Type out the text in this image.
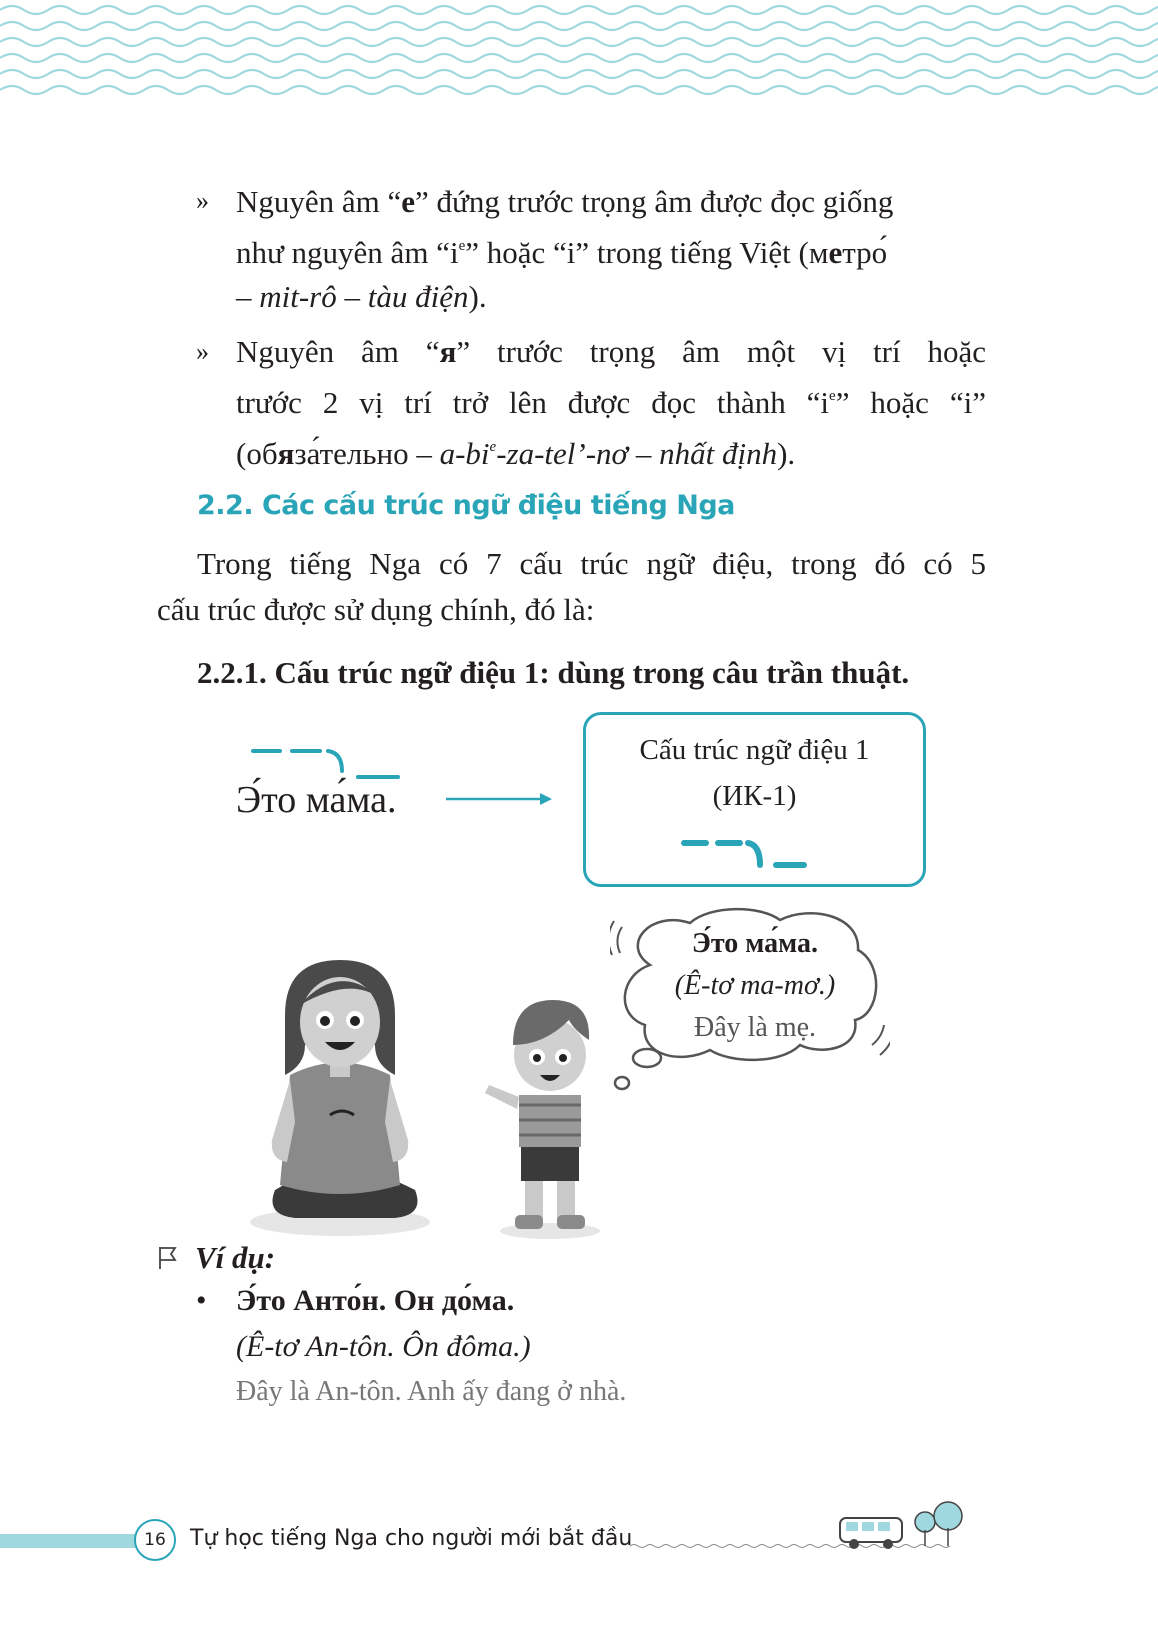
» Nguyên âm “e” đứng trước trọng âm được đọc giống
như nguyên âm “$i^e$” hoặc “i” trong tiếng Việt (метро́
– mit-rô – tàu điện).
» Nguyên âm “я” trước trọng âm một vị trí hoặc
trước 2 vị trí trở lên được đọc thành “$i^e$” hoặc “i”
(обяза́тельно – $a-bi^e-za-tel’-nơ$ – nhất định).
2.2. Các cấu trúc ngữ điệu tiếng Nga
Trong tiếng Nga có 7 cấu trúc ngữ điệu, trong đó có 5
cấu trúc được sử dụng chính, đó là:
2.2.1. Cấu trúc ngữ điệu 1: dùng trong câu trần thuật.
Э́то ма́ма.
Cấu trúc ngữ điệu 1
(ИК-1)
Э́то ма́ма.
(Ê-tơ ma-mơ.)
Đây là mẹ.
Ví dụ:
• Э́то Анто́н. Он до́ма.
(Ê-tơ An-tôn. Ôn đôma.)
Đây là An-tôn. Anh ấy đang ở nhà.
16	Tự học tiếng Nga cho người mới bắt đầu
